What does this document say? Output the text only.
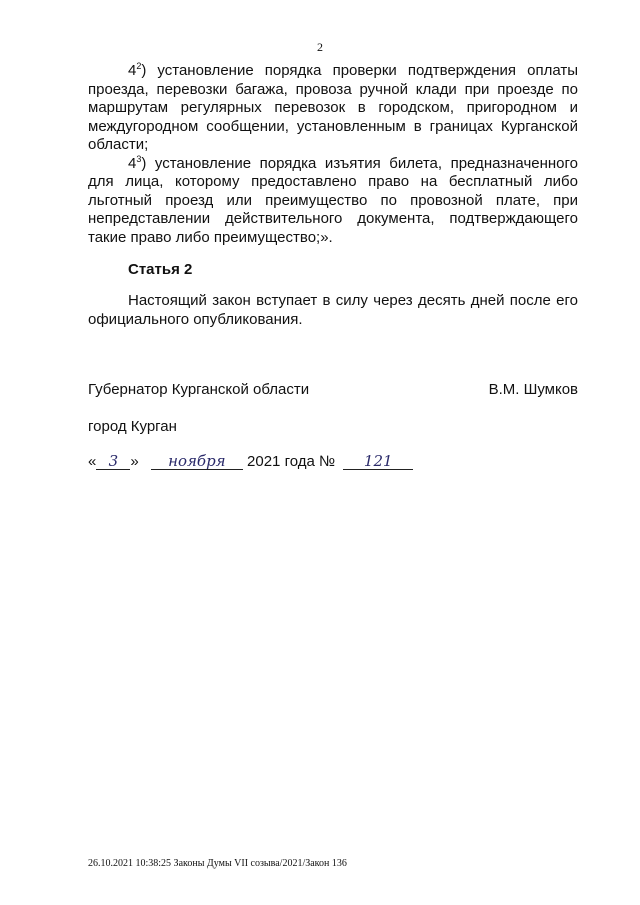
2

$4^2$) установление порядка проверки подтверждения оплаты проезда, перевозки багажа, провоза ручной клади при проезде по маршрутам регулярных перевозок в городском, пригородном и междугородном сообщении, установленным в границах Курганской области;

$4^3$) установление порядка изъятия билета, предназначенного для лица, которому предоставлено право на бесплатный либо льготный проезд или преимущество по провозной плате, при непредставлении действительного документа, подтверждающего такие право либо преимущество;».

Статья 2

Настоящий закон вступает в силу через десять дней после его официального опубликования.

Губернатор Курганской области	В.М. Шумков
город Курган
« 3 » ноября 2021 года № 121
26.10.2021 10:38:25 Законы Думы VII созыва/2021/Закон 136
